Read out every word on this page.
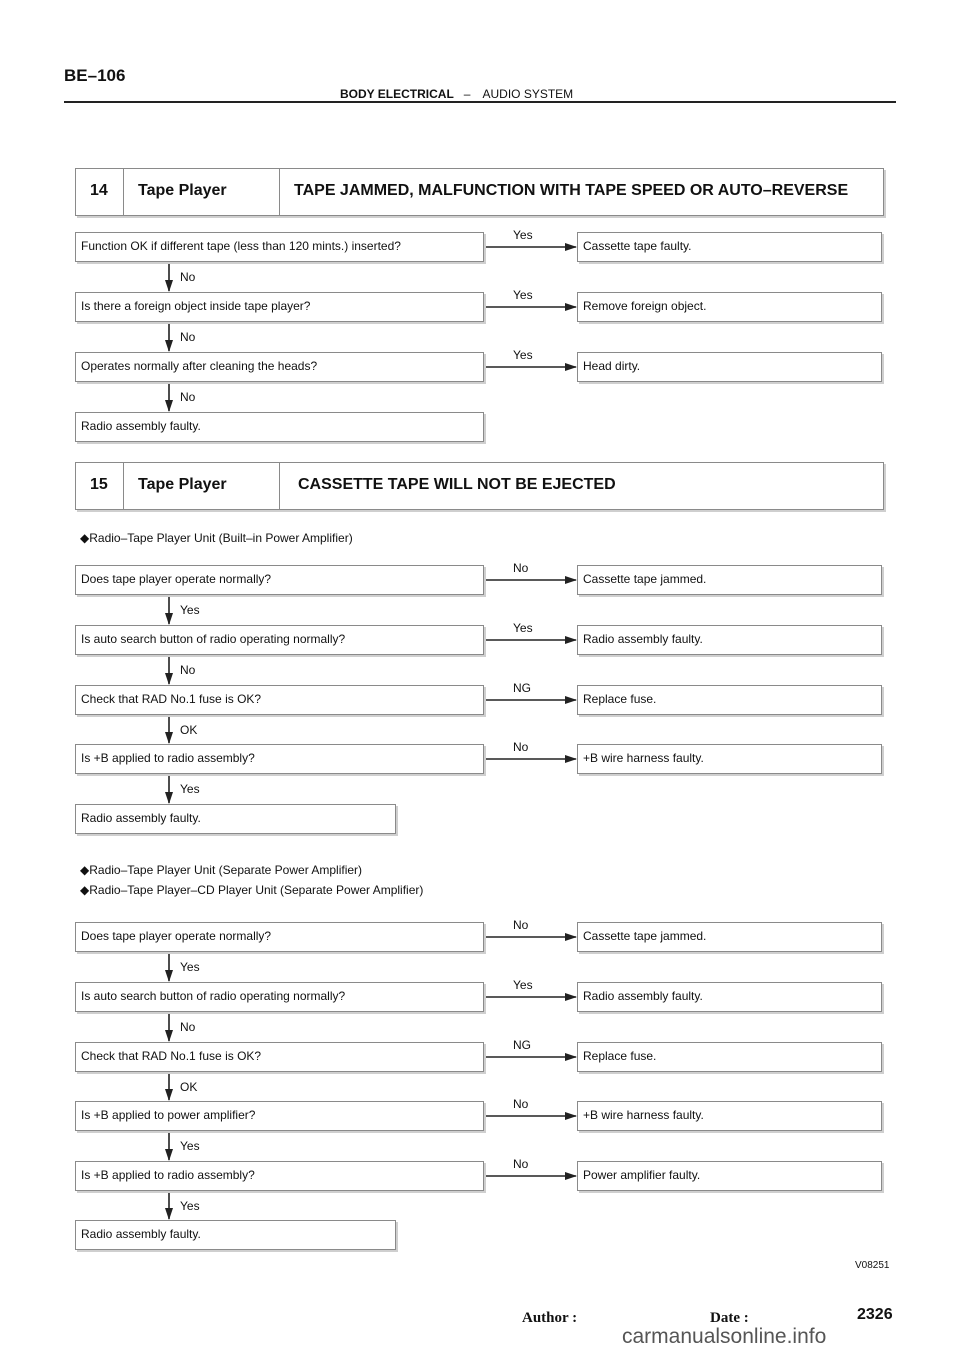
BE–106
BODY ELECTRICAL – AUDIO SYSTEM
14 Tape Player	TAPE JAMMED, MALFUNCTION WITH TAPE SPEED OR AUTO–REVERSE
15 Tape Player	CASSETTE TAPE WILL NOT BE EJECTED
◆Radio–Tape Player Unit (Built–in Power Amplifier)
◆Radio–Tape Player Unit (Separate Power Amplifier)
◆Radio–Tape Player–CD Player Unit (Separate Power Amplifier)
Function OK if different tape (less than 120 mints.) inserted?	Cassette tape faulty.
Yes
No
Is there a foreign object inside tape player?	Remove foreign object.
Yes
No
Operates normally after cleaning the heads?	Head dirty.
Yes
No
Radio assembly faulty.
Does tape player operate normally?	Cassette tape jammed.
No
Yes
Is auto search button of radio operating normally?	Radio assembly faulty.
Yes
No
Check that RAD No.1 fuse is OK?	Replace fuse.
NG
OK
Is +B applied to radio assembly?	+B wire harness faulty.
No
Yes
Radio assembly faulty.
Does tape player operate normally?	Cassette tape jammed.
No
Yes
Is auto search button of radio operating normally?	Radio assembly faulty.
Yes
No
Check that RAD No.1 fuse is OK?	Replace fuse.
NG
OK
Is +B applied to power amplifier?	+B wire harness faulty.
No
Yes
Is +B applied to radio assembly?	Power amplifier faulty.
No
Yes
Radio assembly faulty.
V08251
Author :	Date :	2326
carmanualsonline.info
